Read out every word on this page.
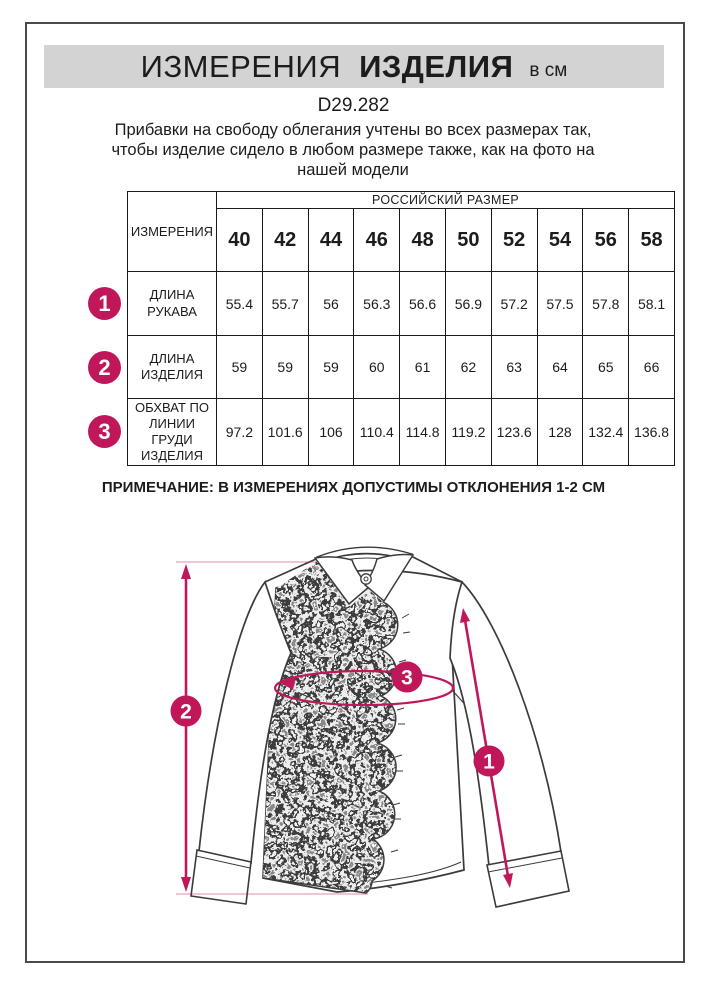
ИЗМЕРЕНИЯ ИЗДЕЛИЯ в см
D29.282
Прибавки на свободу облегания учтены во всех размерах так, чтобы изделие сидело в любом размере также, как на фото на нашей модели
ИЗМЕРЕНИЯ	РОССИЙСКИЙ РАЗМЕР									
	40	42	44	46	48	50	52	54	56	58
ДЛИНА РУКАВА	55.4	55.7	56	56.3	56.6	56.9	57.2	57.5	57.8	58.1
ДЛИНА ИЗДЕЛИЯ	59	59	59	60	61	62	63	64	65	66
ОБХВАТ ПО ЛИНИИ ГРУДИ ИЗДЕЛИЯ	97.2	101.6	106	110.4	114.8	119.2	123.6	128	132.4	136.8
1
2
3
ПРИМЕЧАНИЕ: В ИЗМЕРЕНИЯХ ДОПУСТИМЫ ОТКЛОНЕНИЯ 1-2 СМ
2
3
1
